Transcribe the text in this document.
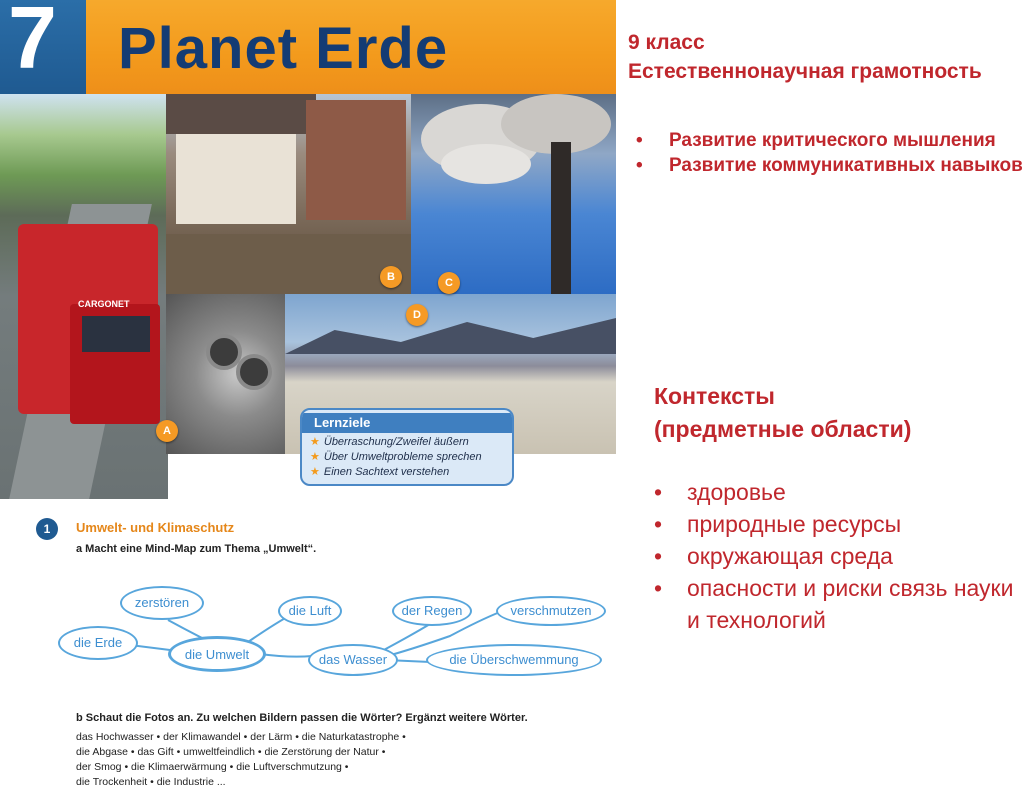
7 Planet Erde
CARGONET
A
B	C
D
Lernziele
★ Überraschung/Zweifel äußern
★ Über Umweltprobleme sprechen
★ Einen Sachtext verstehen
1	Umwelt- und Klimaschutz
a Macht eine Mind-Map zum Thema „Umwelt“.
zerstören
die Erde
die Umwelt
die Luft
das Wasser
der Regen	verschmutzen
die Überschwemmung
b Schaut die Fotos an. Zu welchen Bildern passen die Wörter? Ergänzt weitere Wörter.
das Hochwasser • der Klimawandel • der Lärm • die Naturkatastrophe •
die Abgase • das Gift • umweltfeindlich • die Zerstörung der Natur •
der Smog • die Klimaerwärmung • die Luftverschmutzung •
die Trockenheit • die Industrie ...
9 класс
Естественнонаучная грамотность
• Развитие критического мышления
• Развитие коммуникативных навыков
Контексты
(предметные области)
• здоровье
• природные ресурсы
• окружающая среда
• опасности и риски связь науки и технологий
